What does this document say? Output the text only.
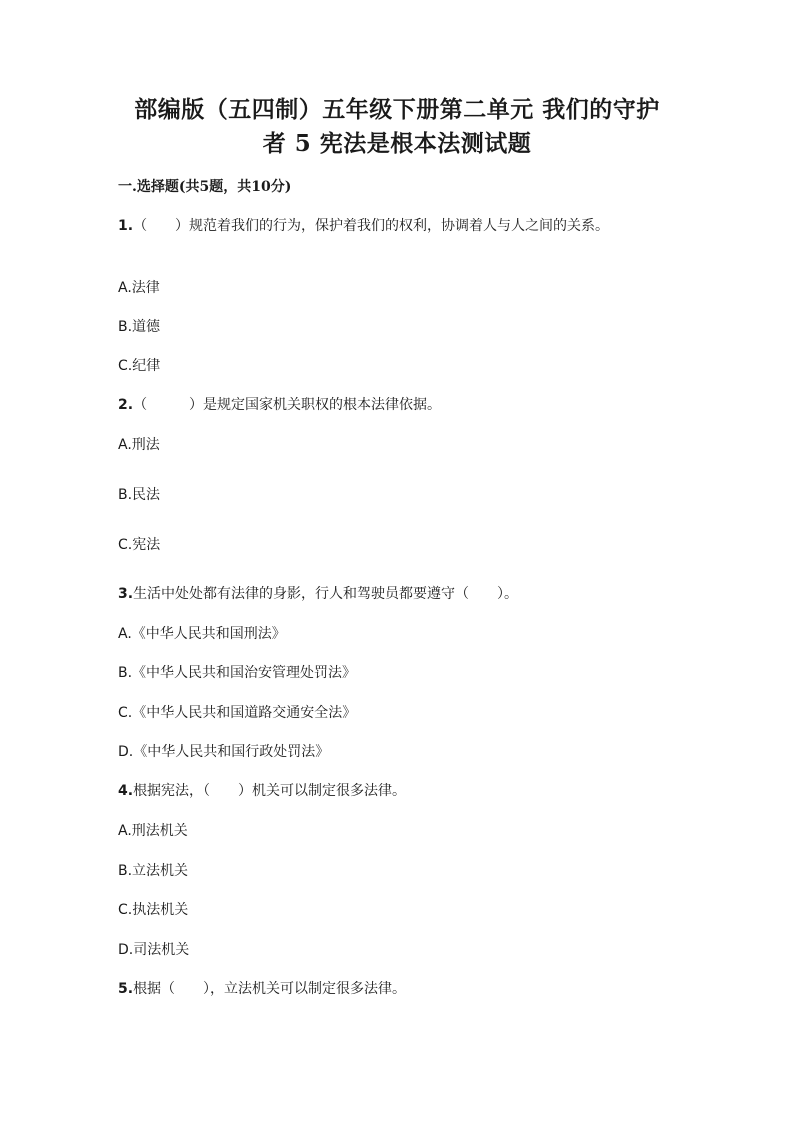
部编版（五四制）五年级下册第二单元 我们的守护
者 5 宪法是根本法测试题
一.选择题(共5题，共10分)
1.（　　）规范着我们的行为，保护着我们的权利，协调着人与人之间的关系。
A.法律
B.道德
C.纪律
2.（　　　）是规定国家机关职权的根本法律依据。
A.刑法
B.民法
C.宪法
3.生活中处处都有法律的身影，行人和驾驶员都要遵守（　　）。
A.《中华人民共和国刑法》
B.《中华人民共和国治安管理处罚法》
C.《中华人民共和国道路交通安全法》
D.《中华人民共和国行政处罚法》
4.根据宪法，（　　）机关可以制定很多法律。
A.刑法机关
B.立法机关
C.执法机关
D.司法机关
5.根据（　　），立法机关可以制定很多法律。
